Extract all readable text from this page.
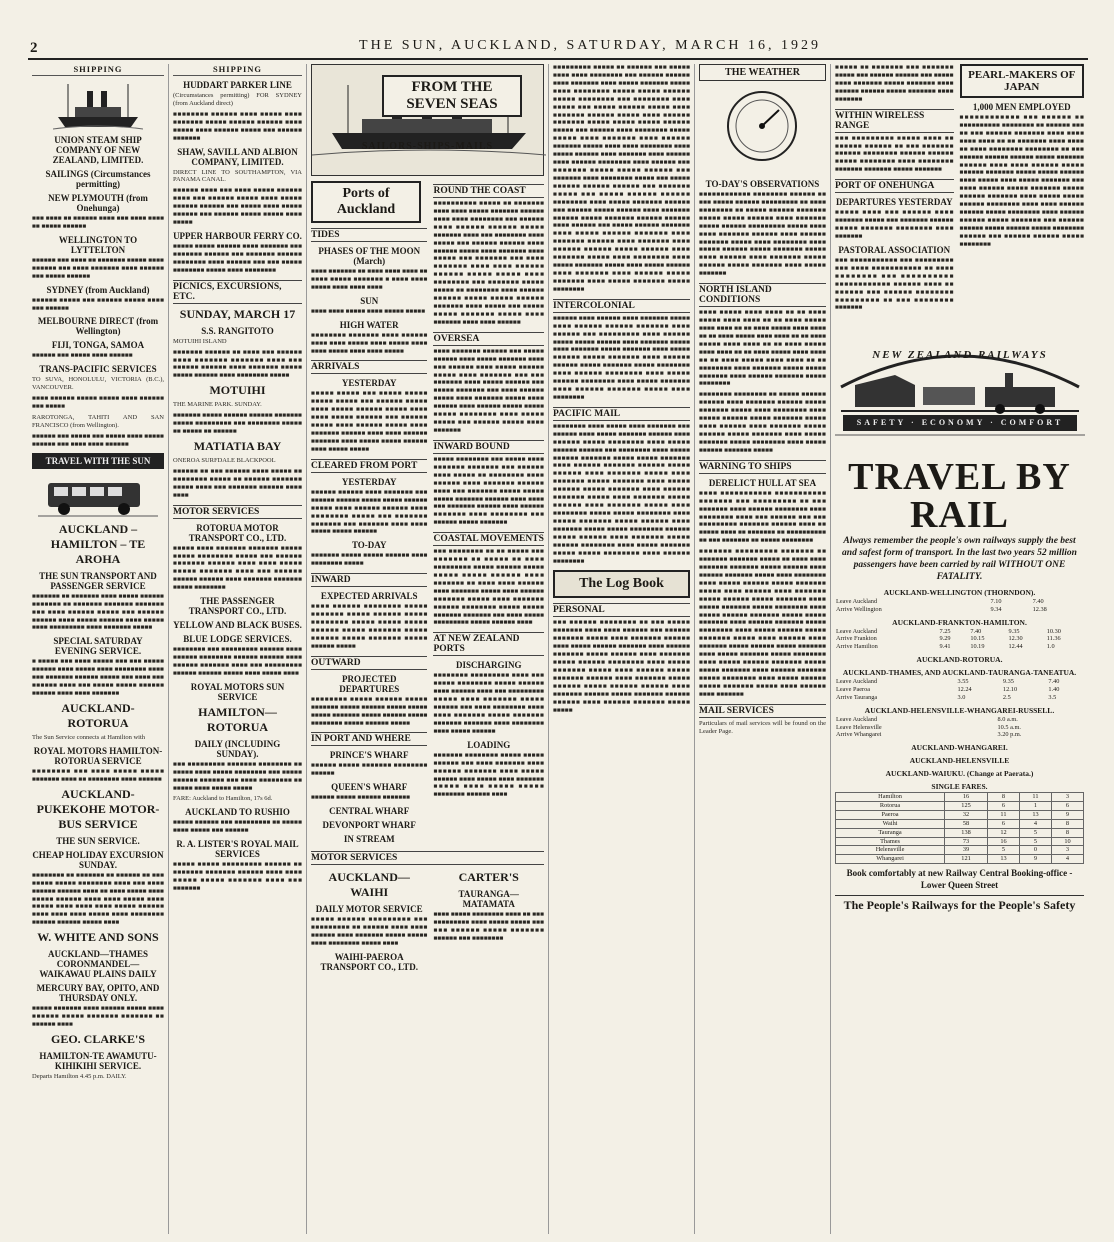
2	THE SUN, AUCKLAND, SATURDAY, MARCH 16, 1929
SHIPPING
UNION STEAM SHIP COMPANY OF NEW ZEALAND, LIMITED.
SAILINGS (Circumstances permitting)
NEW PLYMOUTH (from Onehunga)
■■■ ■■■■ ■■ ■■■■■■ ■■■■ ■■■ ■■■■ ■■■■ ■■ ■■■■■ ■■■■■■
WELLINGTON TO LYTTELTON
■■■■■■ ■■■ ■■■■ ■■ ■■■■■■■ ■■■■■ ■■■■ ■■■■■■ ■■■ ■■■■ ■■■■■■■ ■■■■ ■■■■■■ ■■■ ■■■■■ ■■■■■■
SYDNEY (from Auckland)
■■■■■■ ■■■■■ ■■■ ■■■■■■ ■■■■■ ■■■■ ■■■ ■■■■■■
MELBOURNE DIRECT (from Wellington)
FIJI, TONGA, SAMOA
■■■■■■ ■■■ ■■■■■ ■■■■ ■■■■■■
TRANS-PACIFIC SERVICES
TO SUVA, HONOLULU, VICTORIA (B.C.), VANCOUVER.
■■■■ ■■■■■■ ■■■■■ ■■■■■ ■■■■ ■■■■■■ ■■■ ■■■■■
RAROTONGA, TAHITI AND SAN FRANCISCO (from Wellington).
■■■■■■ ■■■ ■■■■■ ■■■ ■■■■■ ■■■■ ■■■■■ ■■■■■■ ■■■ ■■■■ ■■■■ ■■■■■■
TRAVEL WITH THE SUN
AUCKLAND – HAMILTON – TE AROHA
THE SUN TRANSPORT AND PASSENGER SERVICE
■■■■■■■ ■■ ■■■■■■■ ■■■■ ■■■■■ ■■■■■■ ■■■■■■■ ■■ ■■■■■■■ ■■■■■■■ ■■■■■■■ ■■■ ■■■■ ■■■■■■ ■■■■■ ■■■ ■■■■■■ ■■■■■■ ■■■■ ■■■■■ ■■■■■■ ■■■■ ■■■■■ ■■■■ ■■■■■■■■■ ■■■■ ■■■■■■■ ■■■■■
SPECIAL SATURDAY EVENING SERVICE.
■ ■■■■■ ■■■ ■■■■ ■■■■■ ■■■ ■■■ ■■■■■ ■■■■■■ ■■■■ ■■■■■ ■■■■ ■■■■■■■■ ■■■■ ■■■ ■■■■■■■ ■■■■■■ ■■■■■ ■■■ ■■■■ ■■■ ■■■■■■ ■■■■ ■■■ ■■■■■ ■■■■■ ■■■■■■ ■■■■■■ ■■■■ ■■■■ ■■■■■■■
AUCKLAND-ROTORUA
The Sun Service connects at Hamilton with
ROYAL MOTORS HAMILTON-ROTORUA SERVICE
■■■■■■■■ ■■■ ■■■■ ■■■■■ ■■■■■ ■■■■■■■ ■■■■ ■■ ■■■■■■■■ ■■■■ ■■■■■■
AUCKLAND-PUKEKOHE MOTOR-BUS SERVICE
THE SUN SERVICE.
CHEAP HOLIDAY EXCURSION SUNDAY.
■■■■■■■■ ■■ ■■■■■■■ ■■ ■■■■■■ ■■ ■■■ ■■■■■ ■■■■■ ■■■■■■■■ ■■■■ ■■■ ■■■■ ■■■■■■ ■■■■■■ ■■■■ ■■ ■■■■ ■■■■■ ■■■■ ■■■■■ ■■■■■■ ■■■■ ■■■■ ■■■■■ ■■■■ ■■■■■ ■■■■ ■■■■ ■■■■ ■■■■■ ■■■■■■ ■■■■ ■■■■ ■■■■ ■■■■■ ■■■■ ■■■■■■■■ ■■■■■■ ■■■■■■ ■■■■■ ■■■■
W. WHITE AND SONS
AUCKLAND—THAMES CORONMANDEL—WAIKAWAU PLAINS DAILY
MERCURY BAY, OPITO, AND THURSDAY ONLY.
■■■■■ ■■■■■■■ ■■■■ ■■■■■■ ■■■■■ ■■■■ ■■■■■■ ■■■■■ ■■■■■■■ ■■■■■■■ ■■ ■■■■■■ ■■■■
GEO. CLARKE'S
HAMILTON-TE AWAMUTU-KIHIKIHI SERVICE.
Departs Hamilton 4.45 p.m. DAILY.
SHIPPING
HUDDART PARKER LINE
(Circumstances permitting) FOR SYDNEY (from Auckland direct)
■■■■■■■■ ■■■■■■ ■■■■ ■■■■■ ■■■■ ■■■■■■■ ■■■■■ ■■■■■■ ■■■■■■ ■■■■ ■■■■■ ■■■■ ■■■■■■ ■■■■■ ■■■ ■■■■■■ ■■■■■■■
SHAW, SAVILL AND ALBION COMPANY, LIMITED.
DIRECT LINE TO SOUTHAMPTON, VIA PANAMA CANAL.
■■■■■■ ■■■■ ■■■ ■■■■ ■■■■■ ■■■■■■ ■■■■ ■■■ ■■■■■■ ■■■■■ ■■■■ ■■■■■ ■■■■■■ ■■■■■■ ■■■ ■■■■■ ■■■■ ■■■■■ ■■■■■■ ■■■ ■■■■■■ ■■■■■ ■■■■■ ■■■■ ■■■■■
UPPER HARBOUR FERRY CO.
■■■■■ ■■■■■ ■■■■■■ ■■■■ ■■■■■■■ ■■■ ■■■■■■■ ■■■■■■ ■■■ ■■■■■■■ ■■■■■■ ■■■■■■■■ ■■■■ ■■■■■■ ■■■ ■■■ ■■■■■ ■■■■■■■■ ■■■■■ ■■■■ ■■■■■■■■
PICNICS, EXCURSIONS, ETC.
SUNDAY, MARCH 17
S.S. RANGITOTO
MOTUIHI ISLAND
■■■■■■■ ■■■■■■ ■■ ■■■■ ■■■ ■■■■■■ ■■■■ ■■■■■■■ ■■■■■■■ ■■■■ ■■■ ■■■■■■ ■■■■■■ ■■■■ ■■■■■■■ ■■■■■ ■■■■■ ■■■■■■ ■■■■ ■■■■■■■■ ■■■■■
MOTUIHI
THE MARINE PARK. SUNDAY.
■■■■■■■ ■■■■■ ■■■■■■ ■■■■■■ ■■■■■■■ ■■■■■ ■■■■■■■■■ ■■■ ■■■■■■■■ ■■■■■ ■■ ■■■■■ ■■ ■■■■■■
MATIATIA BAY
ONEROA SURFDALE BLACKPOOL
■■■■■■ ■■ ■■■ ■■■■■■ ■■■■ ■■■■■ ■■ ■■■■■■■■ ■■■■■ ■■ ■■■■■■ ■■■■■■■ ■■■■■ ■■■■ ■■■ ■■■■■■■ ■■■■■■ ■■■■ ■■■■
MOTOR SERVICES
ROTORUA MOTOR TRANSPORT CO., LTD.
■■■■■ ■■■■ ■■■■■■■ ■■■■■■■ ■■■■■ ■■■■■ ■■■■■■■■ ■■■■■ ■■■ ■■■■■■ ■■■■■■■ ■■■■■■ ■■■■ ■■■■ ■■■■■ ■■■■■ ■■■■■■■ ■■■■ ■■■ ■■■■■■ ■■■■■■ ■■■■■■ ■■■■ ■■■■■■■ ■■■■■■■ ■■■■■ ■■■■■■■■
THE PASSENGER TRANSPORT CO., LTD.
YELLOW AND BLACK BUSES.
BLUE LODGE SERVICES.
■■■■■■■■ ■■■ ■■■■■■■■■ ■■■■■■ ■■■■ ■■■■■■ ■■■■■■■■ ■■■■■■ ■■■■■■ ■■■■ ■■■■■■ ■■■■■■■ ■■■■ ■■■ ■■■■■■■■■ ■■■■■■ ■■■■■■ ■■■■■ ■■■■ ■■■■■ ■■■■
ROYAL MOTORS SUN SERVICE
HAMILTON—ROTORUA
DAILY (INCLUDING SUNDAY).
■■■ ■■■■■■■■■ ■■■■■■■ ■■■■■■■■ ■■ ■■■■■ ■■■■ ■■■■■ ■■■■■■■■ ■■■ ■■■■■ ■■■■■■ ■■■■■■ ■■■ ■■■■ ■■■■■■■■ ■■ ■■■■■ ■■■■ ■■■■■ ■■■■■
FARE: Auckland to Hamilton, 17s 6d.
AUCKLAND TO RUSHIO
■■■■■ ■■■■■■ ■■■ ■■■■■■■■■ ■■ ■■■■■ ■■■■ ■■■■■ ■■■ ■■■■■■
R. A. LISTER'S ROYAL MAIL SERVICES
■■■■■ ■■■■■ ■■■■■■■■■ ■■■■■■ ■■ ■■■■■■■ ■■■■■■■ ■■■■■■ ■■■■ ■■■■ ■■■■■ ■■■■■ ■■■■■■■ ■■■■ ■■■ ■■■■■■■
FROM THE SEVEN SEAS
SAILORS-SHIPS-MAILS
Ports of Auckland
TIDES
PHASES OF THE MOON (March)
■■■■ ■■■■■■■ ■■ ■■■■ ■■■■ ■■■■ ■■ ■■■■ ■■■■■ ■■■■■■■ ■ ■■■■ ■■■■ ■■■■■ ■■■■ ■■■■ ■■■■
SUN
■■■■ ■■■■ ■■■■■ ■■■■ ■■■■■ ■■■■■
HIGH WATER
■■■■■■■■ ■■■■■■■ ■■■■ ■■■■■■ ■■■■ ■■■■ ■■■■■ ■■■■ ■■■■■ ■■■■ ■■■■ ■■■■■ ■■■■ ■■■■ ■■■■■
ARRIVALS
YESTERDAY
■■■■■ ■■■■■ ■■■ ■■■■■ ■■■■■ ■■■■■ ■■■■■ ■■■ ■■■■■■ ■■■■■ ■■■■ ■■■■■ ■■■■■■ ■■■■■ ■■■■ ■■■■ ■■■■■ ■■■■■■ ■■■ ■■■■■■ ■■■■■ ■■■■ ■■■■■■ ■■■■■ ■■■■ ■■■■■■■ ■■■■■■ ■■■■ ■■■■ ■■■■■■ ■■■■■■■ ■■■■ ■■■■■ ■■■■■ ■■■■■■ ■■■■ ■■■■■ ■■■■■
CLEARED FROM PORT
YESTERDAY
■■■■■■ ■■■■■■ ■■■■ ■■■■■■■ ■■■ ■■■■■■ ■■■■■■ ■■■■■ ■■■■■ ■■■■■■ ■■■■■ ■■■■ ■■■■■■ ■■■■■■ ■■■■ ■■■■■■■■ ■■■■■ ■■■ ■■■■■■■ ■■■■■■■ ■■■ ■■■■■■■ ■■■■ ■■■■ ■■■■■ ■■■■■ ■■■■■■
TO-DAY
■■■■■■■ ■■■■■ ■■■■■ ■■■■■■ ■■■■ ■■■■■■■■ ■■■■■
INWARD
EXPECTED ARRIVALS
■■■■ ■■■■■■ ■■■■■■■■ ■■■■■ ■■■■■■■ ■■■■■ ■■■■■■ ■■■■■ ■■■■■■■■ ■■■■■ ■■■■■ ■■■■■ ■■■■■■ ■■■■■ ■■■■■■■ ■■■■■ ■■■■■■ ■■■■■ ■■■■■■■ ■■■■■ ■■■■■■ ■■■■■
OUTWARD
PROJECTED DEPARTURES
■■■■■■■■ ■■■■■ ■■■■■■ ■■■■■ ■■■■■■■ ■■■■■ ■■■■■■ ■■■■■ ■■■■■ ■■■■■ ■■■■■■■ ■■■■■ ■■■■■■ ■■■■■ ■■■■■■■■ ■■■■■ ■■■■■■ ■■■■■
IN PORT AND WHERE
PRINCE'S WHARF
■■■■■■ ■■■■■ ■■■■■■■ ■■■■■■■■ ■■■■■■
QUEEN'S WHARF
■■■■■■ ■■■■■ ■■■■■■ ■■■■■■■
CENTRAL WHARF
DEVONPORT WHARF
IN STREAM
ROUND THE COAST
■■■■■■■■■■ ■■■■■ ■■ ■■■■■■■ ■■■■ ■■■■ ■■■■■ ■■■■■■■ ■■■■■■ ■■■■ ■■■■ ■■■■■■■■ ■■■ ■■■■■■ ■■■■ ■■■■■■ ■■■■■■ ■■■■■ ■■■■■■■ ■■■■ ■■■ ■■■■■■■■ ■■■■ ■■■■■ ■■■ ■■■■■■ ■■■■■■ ■■■■ ■■■■■■ ■■■■■ ■■■■ ■■■■■■■ ■■■■ ■■■■■ ■■■ ■■■■■■■ ■■■ ■■■■ ■■■■■■■ ■■■■ ■■■■ ■■■■■■ ■■■■■■ ■■■■■ ■■■■■ ■■■■ ■■■■■■■■ ■■■ ■■■■■■■ ■■■■■ ■■■■■ ■■ ■■■■■■■■ ■■■■ ■■■■■■ ■■■■■■ ■■■■■ ■■■■■ ■■■■■■ ■■■■■■■ ■■■■ ■■■■■ ■■■ ■■■■■ ■■■■■ ■■■■■■■ ■■■■■ ■■■■ ■■■■■■■ ■■■■ ■■■■ ■■■■■■
OVERSEA
■■■■ ■■■■■■■ ■■■■■■ ■■■ ■■■■■ ■■■■■■ ■■■■ ■■■■■ ■■■■■■■ ■■■■ ■■■ ■■■■■■ ■■■■ ■■■■■ ■■■■■■ ■■■■■ ■■■■ ■■■■■■■ ■■■ ■■■ ■■■■■■■ ■■■■ ■■■■■ ■■■■■■ ■■■ ■■■■■ ■■■■■■■ ■■■ ■■■■ ■■■■■■ ■■■■■ ■■■■ ■■■■■■■ ■■■■■ ■■■■ ■■■■■■ ■■■■ ■■■■■■ ■■■■■ ■■■■■ ■■■■■ ■■■■■■■■ ■■■■ ■■■■■ ■■■■■ ■■■ ■■■■■■ ■■■■■ ■■■■ ■■■■■■■
INWARD BOUND
■■■■■ ■■■■■■■■ ■■■ ■■■■■ ■■■■ ■■■■■■■ ■■■■■■■ ■■■ ■■■■■■ ■■■■ ■■■■■ ■■ ■■■■■■■■ ■■■■ ■■■■■■ ■■■■ ■■■■■■■ ■■■■■■ ■■■■ ■■■ ■■■■■■■ ■■■■■ ■■■■■ ■■■■■ ■■■■■■■ ■■■■■■ ■■■■ ■■■■ ■■■ ■■■■■■■ ■■■■■■ ■■■■ ■■■■■■ ■■■■■■■ ■■■■ ■■■■■■■■ ■■■ ■■■■■■ ■■■■■ ■■■■■■■
COASTAL MOVEMENTS
■■■ ■■■■■■■■ ■■ ■■ ■■■■■ ■■■ ■■■■■■■ ■■ ■■■■■ ■■ ■■■■ ■■■■■■■■■ ■■■■■ ■■■■■■ ■■■■■ ■■■■■ ■■■■■ ■■■■■■ ■■■■ ■■■■■■■ ■■ ■■■■ ■■■■ ■■■■■■ ■■■■ ■■■■■■■ ■■■■■ ■■■■ ■■■■■■ ■■■■■■■ ■■■■■ ■■■■ ■■■■■■■ ■■■■■■ ■■■■■■■■ ■■■■■ ■■■■■ ■■■■■■■ ■■■■■■■ ■■■ ■■■■ ■■■■■ ■■■■■■■■■ ■■■■■ ■■■■■■ ■■■■
AT NEW ZEALAND PORTS
DISCHARGING
■■■■■■■■ ■■■■■■■■■ ■■■■ ■■■ ■■■■■ ■■■■■■■■ ■■■■■ ■■■■■■ ■■■■ ■■■■■■ ■■■■ ■■■ ■■■■■■■■■ ■■■■■ ■■■■ ■■■■■■■ ■■■■■ ■■■■■■ ■■■ ■■■■ ■■■■■■■■ ■■■■ ■■■■ ■■■■■■■ ■■■■■ ■■■■■■■ ■■■■■■■ ■■■■■■■ ■■■■ ■■■■■■■■ ■■■■ ■■■■■ ■■■■■■
LOADING
■■■■■■■ ■■■■■■■■ ■■■■■ ■■■■■ ■■■■■■ ■■■ ■■■■ ■■■■■■■ ■■■■ ■■■■■■ ■■■■■■■ ■■■■ ■■■■■ ■■■■■■ ■■■■ ■■■■■ ■■■■ ■■■■■■■ ■■■■■ ■■■■ ■■■■■ ■■■■■ ■■■■■■■■ ■■■■■■ ■■■■
MOTOR SERVICES
AUCKLAND—WAIHI
DAILY MOTOR SERVICE
■■■■■ ■■■■■■ ■■■■■■■■■ ■■■ ■■■■■■■■■ ■■ ■■■■■■ ■■■■ ■■■■ ■■■■■■ ■■■■ ■■■■■■■ ■■■■■ ■■■■■ ■■■■ ■■■■■■■■ ■■■■■ ■■■■
WAIHI-PAEROA TRANSPORT CO., LTD.
CARTER'S
TAURANGA—MATAMATA
■■■■ ■■■■■ ■■■■■■■■ ■■■■ ■■ ■■■ ■■■■■■■■■ ■■■■ ■■■■■ ■■■■■ ■■■ ■■■ ■■■■■■ ■■■■■ ■■■■■■■ ■■■■■■ ■■■ ■■■■■■■■
■■■■■■■■■ ■■■■■ ■■ ■■■■■■ ■■■ ■■■■■ ■■■■ ■■■■ ■■■■■■■■ ■■■ ■■■■■■ ■■■■■■ ■■■■ ■■■■■■■ ■■■■ ■■■■■ ■■■■■■■ ■■■■■ ■■■■ ■■■■■■■■ ■■■■■ ■■■■■ ■■■■■■ ■■■■■ ■■■■■■■■ ■■■ ■■■■■■■■ ■■■■ ■■■■■ ■■■ ■■■■■ ■■■■■■ ■■■■■ ■■■■ ■■■■■■■ ■■■■■■ ■■■■■ ■■■■ ■■■■■■ ■■■■■■■ ■■■■■ ■■■■■ ■■■■■ ■■■■■■ ■■■■■ ■■■ ■■■■■■ ■■■■ ■■■■■■■■ ■■■■■ ■■■■■ ■■■■ ■■■■■■■ ■■■■ ■■■■■■ ■■■■■■■ ■■■■■ ■■■■ ■■■■ ■■■■■■■■ ■■■■ ■■■■■ ■■■■■■ ■■■■ ■■■■■■■ ■■■■ ■■■■■■ ■■■■ ■■■■■■ ■■■■■■■■ ■■■■ ■■■■■■ ■■■ ■■■■■■■ ■■■■■ ■■■■■ ■■■■■■ ■■■ ■■■■■■■ ■■■■ ■■■■■■■■ ■■■■■ ■■■ ■■■■■ ■■■■■■ ■■■■■■ ■■■■■■ ■■■ ■■■■■■■ ■■■■■ ■■■ ■■■■■ ■■■■■■ ■■■■■■ ■■■■■■■■ ■■■■ ■■■■■ ■■■■■■■ ■■■■■■ ■■■ ■■■■■■ ■■■■■ ■■■■■■ ■■■■ ■■■■■■■ ■■■■■■ ■■■■■ ■■■■■■■ ■■■■■■ ■■■■■■ ■■■■ ■■■■■■ ■■■ ■■■■■ ■■■■■■ ■■■■■■■ ■■■■ ■■■■■ ■■■■■■ ■■■■■■■ ■■■■ ■■■■■■■ ■■■■■■ ■■■■ ■■■■■■■ ■■■■ ■■■■■■ ■■■■■■ ■■■■■ ■■■■■■ ■■■■ ■■■■■■■ ■■■■■ ■■■■ ■■■■■■■■ ■■■■ ■■■■■ ■■■■■■■ ■■■■■ ■■■■ ■■■■■ ■■■■■■ ■■■■ ■■■■■■■ ■■■■ ■■■■■■ ■■■■■ ■■■■■■■ ■■■■ ■■■■■ ■■■■■■■ ■■■■■ ■■■■■■■■
INTERCOLONIAL
■■■■■■ ■■■■ ■■■■■■ ■■■■ ■■■■■■■ ■■■■■ ■■■■ ■■■■■■ ■■■■■■ ■■■■■■■ ■■■■ ■■■■■■ ■■■ ■■■■■■■■■ ■■■■ ■■■■■■ ■■■■■ ■■■■■ ■■■■■■ ■■■■ ■■■■■■■ ■■■■■ ■■■■ ■■■■■■■ ■■■■■ ■■■■■■■ ■■■■ ■■■■■ ■■■■■■ ■■■■■ ■■■■■■■ ■■■■ ■■■■■■ ■■■■■■ ■■■■■ ■■■■■■■ ■■■■■ ■■■■■■■■ ■■■■ ■■■■■■ ■■■■■■■■ ■■■■ ■■■■■ ■■■■■■ ■■■■■■■■ ■■■■ ■■■■■ ■■■■■■■ ■■■■ ■■■■■■ ■■■■■■■ ■■■■■ ■■■■ ■■■■■■■■
PACIFIC MAIL
■■■■■■■■ ■■■■ ■■■■■ ■■■■ ■■■■■■■ ■■■ ■■■■■■ ■■■■ ■■■■■ ■■■■■■■ ■■■■■■ ■■■■ ■■■■■■ ■■■■■ ■■■■■■■■ ■■■■ ■■■■■ ■■■■■■ ■■■■■■ ■■■ ■■■■■■■■ ■■■■ ■■■■■ ■■■■■■ ■■■■■■■ ■■■■■ ■■■■■ ■■■■■■■ ■■■■ ■■■■■■ ■■■■■■■ ■■■■■■ ■■■■■ ■■■■■■ ■■■■ ■■■■■■■ ■■■■■ ■■■■ ■■■■■■■ ■■■■■ ■■■■■■■ ■■■■ ■■■■■ ■■■■■■ ■■■■■ ■■■■■■■ ■■■■ ■■■■■■ ■■■■■■■ ■■■■■ ■■■■ ■■■■■■■ ■■■■■ ■■■■■■ ■■■■ ■■■■■■■ ■■■■■ ■■■■ ■■■■■■■■ ■■■■■ ■■■■■ ■■■■■■■■ ■■■■ ■■■■■ ■■■■■■■ ■■■■■ ■■■■■■ ■■■■ ■■■■■■■ ■■■■■ ■■■■■ ■■■■■■■■ ■■■■■■ ■■■■■ ■■■■■■ ■■■■ ■■■■■■■ ■■■■■ ■■■■■■ ■■■■■■■■ ■■■■ ■■■■■ ■■■■■■■ ■■■■■ ■■■■■ ■■■■■■■■ ■■■■ ■■■■■■ ■■■■■■■■
The Log Book
PERSONAL
■■■ ■■■■■■ ■■■■■■■■ ■■ ■■■ ■■■■■ ■■■■■■■ ■■■■ ■■■■ ■■■■■■ ■■■ ■■■■■■ ■■■■■■■ ■■■■■ ■■■■ ■■■■■■■ ■■■■■■ ■■■■ ■■■■■ ■■■■■■ ■■■■■■■ ■■■■ ■■■■■■ ■■■■■■■ ■■■■■ ■■■■■■ ■■■■ ■■■■■■■ ■■■■■ ■■■■■■ ■■■■■■■■ ■■■■ ■■■■■ ■■■■■■■ ■■■■■ ■■■■ ■■■■■■ ■■■■■ ■■■■■■■ ■■■■■■ ■■■■ ■■■■■■■ ■■■■■ ■■■■■■ ■■■■■ ■■■■■■ ■■■■■■ ■■■■ ■■■■■■■ ■■■■■■ ■■■■■ ■■■■■■■ ■■■■■■ ■■■■■■ ■■■■ ■■■■■■ ■■■■■■■ ■■■■■ ■■■■■
THE WEATHER
TO-DAY'S OBSERVATIONS
■■■■■■■■■■■■ ■■■■■■■■ ■■■■■■ ■■ ■■■ ■■■■■ ■■■■■■ ■■■■■■■■■ ■■ ■■■■ ■■■■■■■■ ■■ ■■■■■ ■■■■■■ ■■■■■■■ ■■■■■ ■■■■■ ■■■■■■ ■■■■ ■■■■■■■ ■■■■■ ■■■■■■ ■■■■■■■■■ ■■■■■ ■■■■ ■■■■ ■■■■■■■ ■■■■■■ ■■■■ ■■■■■■ ■■■■■■■ ■■■■■ ■■■■ ■■■■■■■■ ■■■■ ■■■■■ ■■■■■■ ■■■■■ ■■■■■■■ ■■■■■ ■■■■ ■■■■■■ ■■■■ ■■■■■■■ ■■■■■ ■■■■■■ ■■■■■ ■■■■■■■ ■■■■ ■■■■■ ■■■■■■■
NORTH ISLAND CONDITIONS
■■■■ ■■■■■ ■■■■ ■■■■ ■■ ■■ ■■■■ ■■■■■ ■■■■ ■■■■ ■■ ■■ ■■■■ ■■■■■ ■■■■ ■■■■ ■■ ■■ ■■■■ ■■■■■ ■■■■ ■■■■ ■■ ■■ ■■■■ ■■■■■ ■■■■ ■■■■ ■■ ■■ ■■■■ ■■■■■ ■■■■ ■■■■ ■■ ■■ ■■■■ ■■■■■ ■■■■ ■■■■ ■■ ■■ ■■■■ ■■■■■ ■■■■ ■■■■ ■■ ■■ ■■■■ ■■■■■ ■■■■ ■■■■ ■■ ■■ ■■■■■■■■ ■■■■ ■■■■■■■ ■■■■■ ■■■■■ ■■■■■■■ ■■■■ ■■■■■■ ■■■■■■■ ■■■■■ ■■■■■■■■
■■■■■■■■ ■■■■■■■■ ■■ ■■■■■ ■■■■■■ ■■■■■■ ■■■■ ■■■■■■■ ■■■■■■ ■■■■■ ■■■■■■■ ■■■■■ ■■■■ ■■■■■■■■ ■■■■ ■■■■■ ■■■■■■ ■■■■■ ■■■■■■■ ■■■■■ ■■■■ ■■■■■■ ■■■■ ■■■■■■■ ■■■■■ ■■■■■■ ■■■■■ ■■■■■■■ ■■■■ ■■■■■ ■■■■■■■ ■■■■■ ■■■■■■■■ ■■■■ ■■■■■ ■■■■■■ ■■■■■■■ ■■■■■
WARNING TO SHIPS
DERELICT HULL AT SEA
■■■■ ■■■■■■■■■■■ ■■■■■■■■■■■ ■■■■■■■ ■■■ ■■■■■■■■■ ■■ ■■■ ■■■■■■■ ■■■■ ■■■■■■ ■■■■■■■■ ■■■■ ■■■■■■■■ ■■■■ ■■■ ■■■■■■ ■■■ ■■■ ■■■■■■■■■ ■■■■■■■ ■■■■■■ ■■■■ ■■ ■■■■■ ■■■■ ■■ ■■■■■■■ ■■ ■■■■■■■■■■ ■■ ■■■ ■■■■■■■ ■■ ■■■■■ ■■■■■■■■
■■■■■■■ ■■■■■■■■■ ■■■■■■■ ■■ ■■■■■■■ ■■■■■■■ ■■■■■ ■■ ■■■■ ■■■■ ■■■■■■■ ■■■■■■■ ■■■■■ ■■■■■■ ■■■■ ■■■■■■ ■■■■■■■ ■■■■■ ■■■■ ■■■■■■■■ ■■■■ ■■■■■ ■■■■■■ ■■■■■ ■■■■■■■ ■■■■■ ■■■■ ■■■■■■ ■■■■ ■■■■■■■ ■■■■■ ■■■■■■ ■■■■■ ■■■■■■■ ■■■■ ■■■■■ ■■■■■■■ ■■■■■ ■■■■■■■■ ■■■■ ■■■■■ ■■■■■■ ■■■■■■■ ■■■■■ ■■■■■ ■■■■■■■ ■■■■ ■■■■■■ ■■■■■■■ ■■■■■ ■■■■■■■■ ■■■■ ■■■■■ ■■■■■■ ■■■■■ ■■■■■■■ ■■■■■ ■■■■ ■■■■■■ ■■■■ ■■■■■■■ ■■■■■ ■■■■■■ ■■■■■ ■■■■■■■ ■■■■ ■■■■■ ■■■■■■■ ■■■■■ ■■■■■■■■ ■■■■ ■■■■■ ■■■■■■ ■■■■■■■ ■■■■■ ■■■■■ ■■■■■■■ ■■■■ ■■■■■■ ■■■■■■■ ■■■■■ ■■■■■■■■ ■■■■ ■■■■■ ■■■■■■ ■■■■■ ■■■■■■■ ■■■■■ ■■■■ ■■■■■■ ■■■■ ■■■■■■■
MAIL SERVICES
Particulars of mail services will be found on the Leader Page.
■■■■■ ■■ ■■■■■■■ ■■■ ■■■■■■■ ■■■■■ ■■■ ■■■■■■ ■■■■■■ ■■■ ■■■■■ ■■■■ ■■■■■■■ ■■■■■ ■■■■■■■ ■■■■ ■■■■■■ ■■■■■■ ■■■■■ ■■■■■■■ ■■■■ ■■■■■■■
WITHIN WIRELESS RANGE
■■■ ■■■■■■■■■ ■■■■■ ■■■■ ■■ ■■■■■■ ■■■■■■ ■■ ■■■ ■■■■■■■ ■■■■■■ ■■■■■■■■ ■■■■■■ ■■■■■■ ■■■■■ ■■■■■■■■ ■■■■ ■■■■■■■■ ■■■■■■■ ■■■■■■■ ■■■■■ ■■■■■■■
PORT OF ONEHUNGA
DEPARTURES YESTERDAY
■■■■■ ■■■■ ■■■ ■■■■■■ ■■■■ ■■■■■■■ ■■■■■ ■■■ ■■■■■■■ ■■■■■■ ■■■■■ ■■■■■■■ ■■■■■■■■ ■■■■ ■■■■■■■
PASTORAL ASSOCIATION
■■■ ■■■■■■■■■■■ ■■■ ■■■■■■■■■ ■■■ ■■■■ ■■■■■■■■■■■ ■■ ■■■■ ■■■■■■■■ ■■■ ■■■■■■■■■■ ■■■■■■■■■■■■ ■■■■■■ ■■■■ ■■ ■■■■■■ ■■■ ■■■■■■ ■■■■■■■■ ■■■■■■■■■ ■■ ■■■ ■■■■■■■■ ■■■■■■■
PEARL-MAKERS OF JAPAN
1,000 MEN EMPLOYED
■■■■■■■■■■■■ ■■■ ■■■■■■ ■■ ■■■■■■■■■■ ■■■■■■■■ ■■ ■■■■■■ ■■■ ■■ ■■■ ■■■■■■ ■■■■■■■ ■■■■ ■■■■ ■■■■ ■■■■ ■■ ■■ ■■■■■■■ ■■■■ ■■■■ ■■ ■■■■ ■■■■■■■■ ■■■■■■■■ ■■ ■■■ ■■■■■■ ■■■■■■ ■■■■■■ ■■■■■ ■■■■■■■ ■■■■■■ ■■■■ ■■■■ ■■■■■■ ■■■■■ ■■■■■■ ■■■■■■■ ■■■■■ ■■■■■ ■■■■■■ ■■■■ ■■■■■ ■■■■ ■■■■■ ■■■■■■■ ■■■ ■■■■ ■■■■■■ ■■■■■ ■■■■■■■ ■■■■■ ■■■■■■ ■■■■■■■ ■■■■ ■■■■■ ■■■■■ ■■■■■■ ■■■■■■■■ ■■■■ ■■■■ ■■■■■■ ■■■■■■ ■■■■■ ■■■■■■■■ ■■■■ ■■■■■■ ■■■■■■ ■■■■■ ■■■■■■■ ■■■ ■■■■■■ ■■■■■■ ■■■■■ ■■■■■■ ■■■■■ ■■■■■■■■ ■■■■■■ ■■■ ■■■■■■ ■■■■■■ ■■■■■ ■■■■■■■■
NEW ZEALAND RAILWAYS
SAFETY · ECONOMY · COMFORT
TRAVEL BY RAIL
Always remember the people's own railways supply the best and safest form of transport. In the last two years 52 million passengers have been carried by rail WITHOUT ONE FATALITY.
AUCKLAND-WELLINGTON (THORNDON).
Leave Auckland	7.10	7.40
Arrive Wellington	9.34	12.38
AUCKLAND-FRANKTON-HAMILTON.
Leave Auckland	7.25	7.40	9.35	10.30
Arrive Frankton	9.29	10.15	12.30	11.36
Arrive Hamilton	9.41	10.19	12.44	1.0
AUCKLAND-ROTORUA.
AUCKLAND-THAMES, AND AUCKLAND-TAURANGA-TANEATUA.
Leave Auckland	3.55	9.35	7.40
Leave Paeroa	12.24	12.10	1.40
Arrive Tauranga	3.0	2.5	3.5
AUCKLAND-HELENSVILLE-WHANGAREI-RUSSELL.
Leave Auckland	8.0 a.m.
Leave Helensville	10.5 a.m.
Arrive Whangarei	3.20 p.m.
AUCKLAND-WHANGAREI.
AUCKLAND-HELENSVILLE
AUCKLAND-WAIUKU. (Change at Paerata.)
SINGLE FARES.
Hamilton	16	8	11	3
Rotorua	125	6	1	6
Paeroa	32	11	13	9
Waihi	58	6	4	8
Tauranga	138	12	5	8
Thames	73	16	5	10
Helensville	39	5	0	3
Whangarei	121	13	9	4
Book comfortably at new Railway Central Booking-office - Lower Queen Street
The People's Railways for the People's Safety
